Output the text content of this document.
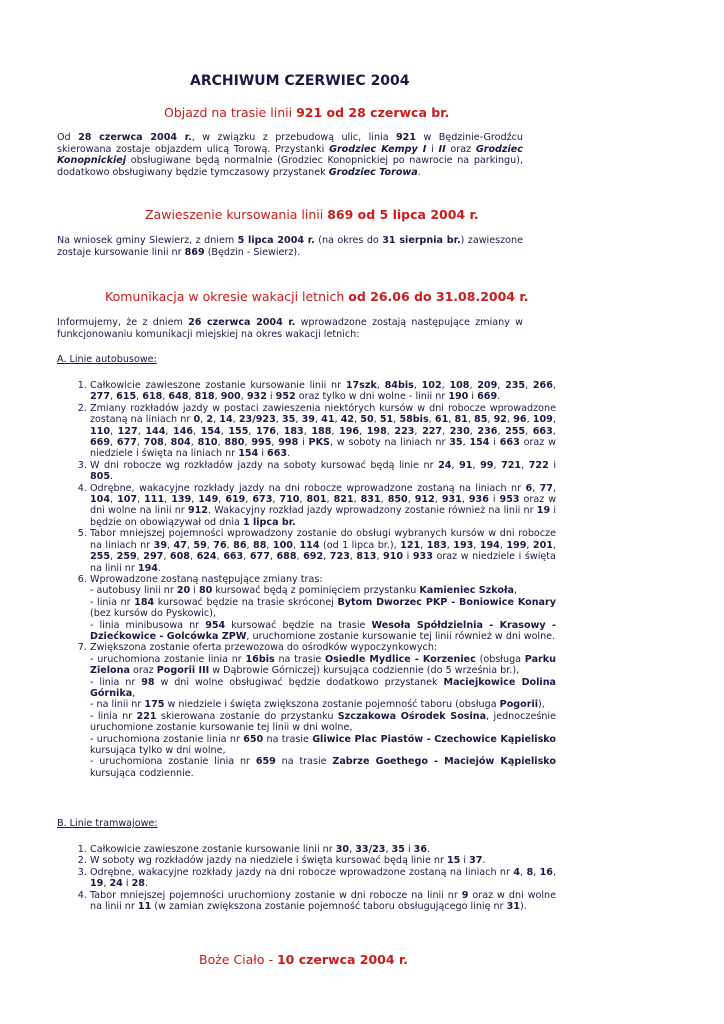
ARCHIWUM CZERWIEC 2004
Objazd na trasie linii 921 od 28 czerwca br.
Od 28 czerwca 2004 r., w związku z przebudową ulic, linia 921 w Będzinie-Grodźcu skierowana zostaje objazdem ulicą Torową. Przystanki Grodziec Kempy I i II oraz Grodziec Konopnickiej obsługiwane będą normalnie (Grodziec Konopnickiej po nawrocie na parkingu), dodatkowo obsługiwany będzie tymczasowy przystanek Grodziec Torowa.
Zawieszenie kursowania linii 869 od 5 lipca 2004 r.
Na wniosek gminy Siewierz, z dniem 5 lipca 2004 r. (na okres do 31 sierpnia br.) zawieszone zostaje kursowanie linii nr 869 (Będzin - Siewierz).
Komunikacja w okresie wakacji letnich od 26.06 do 31.08.2004 r.
Informujemy, że z dniem 26 czerwca 2004 r. wprowadzone zostają następujące zmiany w funkcjonowaniu komunikacji miejskiej na okres wakacji letnich:
A. Linie autobusowe:
1. Całkowicie zawieszone zostanie kursowanie linii nr 17szk, 84bis, 102, 108, 209, 235, 266, 277, 615, 618, 648, 818, 900, 932 i 952 oraz tylko w dni wolne - linii nr 190 i 669.
2. Zmiany rozkładów jazdy w postaci zawieszenia niektórych kursów w dni robocze wprowadzone zostaną na liniach nr 0, 2, 14, 23/923, 35, 39, 41, 42, 50, 51, 58bis, 61, 81, 85, 92, 96, 109, 110, 127, 144, 146, 154, 155, 176, 183, 188, 196, 198, 223, 227, 230, 236, 255, 663, 669, 677, 708, 804, 810, 880, 995, 998 i PKS, w soboty na liniach nr 35, 154 i 663 oraz w niedziele i święta na liniach nr 154 i 663.
3. W dni robocze wg rozkładów jazdy na soboty kursować będą linie nr 24, 91, 99, 721, 722 i 805.
4. Odrębne, wakacyjne rozkłady jazdy na dni robocze wprowadzone zostaną na liniach nr 6, 77, 104, 107, 111, 139, 149, 619, 673, 710, 801, 821, 831, 850, 912, 931, 936 i 953 oraz w dni wolne na linii nr 912. Wakacyjny rozkład jazdy wprowadzony zostanie również na linii nr 19 i będzie on obowiązywał od dnia 1 lipca br.
5. Tabor mniejszej pojemności wprowadzony zostanie do obsługi wybranych kursów w dni robocze na liniach nr 39, 47, 59, 76, 86, 88, 100, 114 (od 1 lipca br.), 121, 183, 193, 194, 199, 201, 255, 259, 297, 608, 624, 663, 677, 688, 692, 723, 813, 910 i 933 oraz w niedziele i święta na linii nr 194.
6. Wprowadzone zostaną następujące zmiany tras:
- autobusy linii nr 20 i 80 kursować będą z pominięciem przystanku Kamieniec Szkoła,
- linia nr 184 kursować będzie na trasie skróconej Bytom Dworzec PKP - Boniowice Konary (bez kursów do Pyskowic),
- linia minibusowa nr 954 kursować będzie na trasie Wesoła Spółdzielnia - Krasowy - Dziećkowice - Golcówka ZPW, uruchomione zostanie kursowanie tej linii również w dni wolne.
7. Zwiększona zostanie oferta przewozowa do ośrodków wypoczynkowych:
- uruchomiona zostanie linia nr 16bis na trasie Osiedle Mydlice - Korzeniec (obsługa Parku Zielona oraz Pogorii III w Dąbrowie Górniczej) kursująca codziennie (do 5 września br.),
- linia nr 98 w dni wolne obsługiwać będzie dodatkowo przystanek Maciejkowice Dolina Górnika,
- na linii nr 175 w niedziele i święta zwiększona zostanie pojemność taboru (obsługa Pogorii),
- linia nr 221 skierowana zostanie do przystanku Szczakowa Ośrodek Sosina, jednocześnie uruchomione zostanie kursowanie tej linii w dni wolne,
- uruchomiona zostanie linia nr 650 na trasie Gliwice Plac Piastów - Czechowice Kąpielisko kursująca tylko w dni wolne,
- uruchomiona zostanie linia nr 659 na trasie Zabrze Goethego - Maciejów Kąpielisko kursująca codziennie.
B. Linie tramwajowe:
1. Całkowicie zawieszone zostanie kursowanie linii nr 30, 33/23, 35 i 36.
2. W soboty wg rozkładów jazdy na niedziele i święta kursować będą linie nr 15 i 37.
3. Odrębne, wakacyjne rozkłady jazdy na dni robocze wprowadzone zostaną na liniach nr 4, 8, 16, 19, 24 i 28.
4. Tabor mniejszej pojemności uruchomiony zostanie w dni robocze na linii nr 9 oraz w dni wolne na linii nr 11 (w zamian zwiększona zostanie pojemność taboru obsługującego linię nr 31).
Boże Ciało - 10 czerwca 2004 r.
